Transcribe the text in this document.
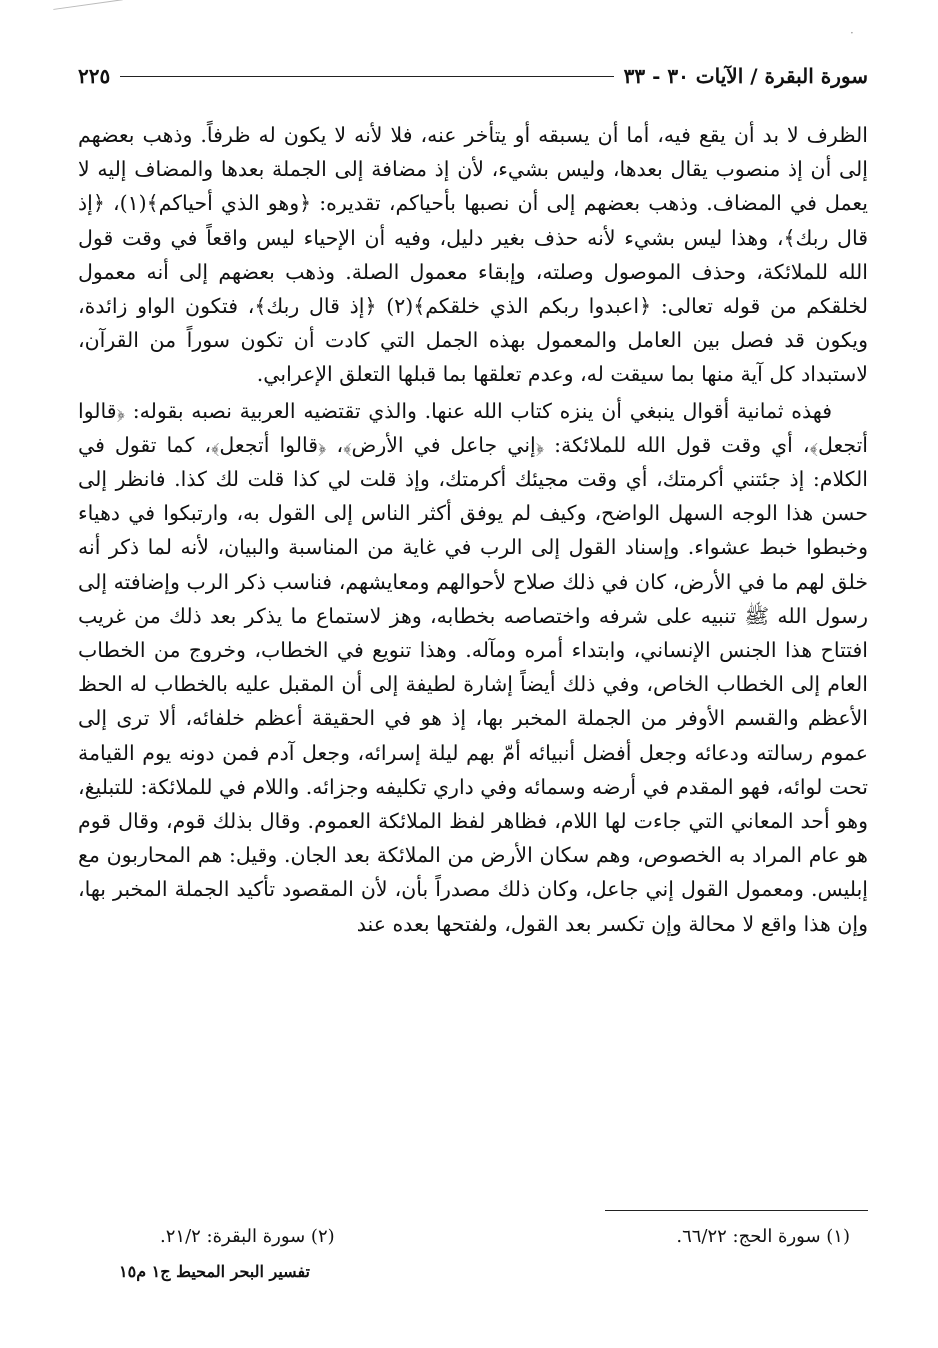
·
سورة البقرة / الآيات ٣٠ - ٣٣
٢٢٥

الظرف لا بد أن يقع فيه، أما أن يسبقه أو يتأخر عنه، فلا لأنه لا يكون له ظرفاً. وذهب بعضهم إلى أن إذ منصوب يقال بعدها، وليس بشيء، لأن إذ مضافة إلى الجملة بعدها والمضاف إليه لا يعمل في المضاف. وذهب بعضهم إلى أن نصبها بأحياكم، تقديره: ﴿وهو الذي أحياكم﴾(١)، ﴿إذ قال ربك﴾، وهذا ليس بشيء لأنه حذف بغير دليل، وفيه أن الإحياء ليس واقعاً في وقت قول الله للملائكة، وحذف الموصول وصلته، وإبقاء معمول الصلة. وذهب بعضهم إلى أنه معمول لخلقكم من قوله تعالى: ﴿اعبدوا ربكم الذي خلقكم﴾(٢) ﴿إذ قال ربك﴾، فتكون الواو زائدة، ويكون قد فصل بين العامل والمعمول بهذه الجمل التي كادت أن تكون سوراً من القرآن، لاستبداد كل آية منها بما سيقت له، وعدم تعلقها بما قبلها التعلق الإعرابي.

فهذه ثمانية أقوال ينبغي أن ينزه كتاب الله عنها. والذي تقتضيه العربية نصبه بقوله: ﴿قالوا أتجعل﴾، أي وقت قول الله للملائكة: ﴿إني جاعل في الأرض﴾، ﴿قالوا أتجعل﴾، كما تقول في الكلام: إذ جئتني أكرمتك، أي وقت مجيئك أكرمتك، وإذ قلت لي كذا قلت لك كذا. فانظر إلى حسن هذا الوجه السهل الواضح، وكيف لم يوفق أكثر الناس إلى القول به، وارتبكوا في دهياء وخبطوا خبط عشواء. وإسناد القول إلى الرب في غاية من المناسبة والبيان، لأنه لما ذكر أنه خلق لهم ما في الأرض، كان في ذلك صلاح لأحوالهم ومعايشهم، فناسب ذكر الرب وإضافته إلى رسول الله ﷺ تنبيه على شرفه واختصاصه بخطابه، وهز لاستماع ما يذكر بعد ذلك من غريب افتتاح هذا الجنس الإنساني، وابتداء أمره ومآله. وهذا تنويع في الخطاب، وخروج من الخطاب العام إلى الخطاب الخاص، وفي ذلك أيضاً إشارة لطيفة إلى أن المقبل عليه بالخطاب له الحظ الأعظم والقسم الأوفر من الجملة المخبر بها، إذ هو في الحقيقة أعظم خلفائه، ألا ترى إلى عموم رسالته ودعائه وجعل أفضل أنبيائه أمّ بهم ليلة إسرائه، وجعل آدم فمن دونه يوم القيامة تحت لوائه، فهو المقدم في أرضه وسمائه وفي داري تكليفه وجزائه. واللام في للملائكة: للتبليغ، وهو أحد المعاني التي جاءت لها اللام، فظاهر لفظ الملائكة العموم. وقال بذلك قوم، وقال قوم هو عام المراد به الخصوص، وهم سكان الأرض من الملائكة بعد الجان. وقيل: هم المحاربون مع إبليس. ومعمول القول إني جاعل، وكان ذلك مصدراً بأن، لأن المقصود تأكيد الجملة المخبر بها، وإن هذا واقع لا محالة وإن تكسر بعد القول، ولفتحها بعده عند

(١) سورة الحج: ٦٦/٢٢.
(٢) سورة البقرة: ٢١/٢.
تفسير البحر المحيط ج١ م١٥
